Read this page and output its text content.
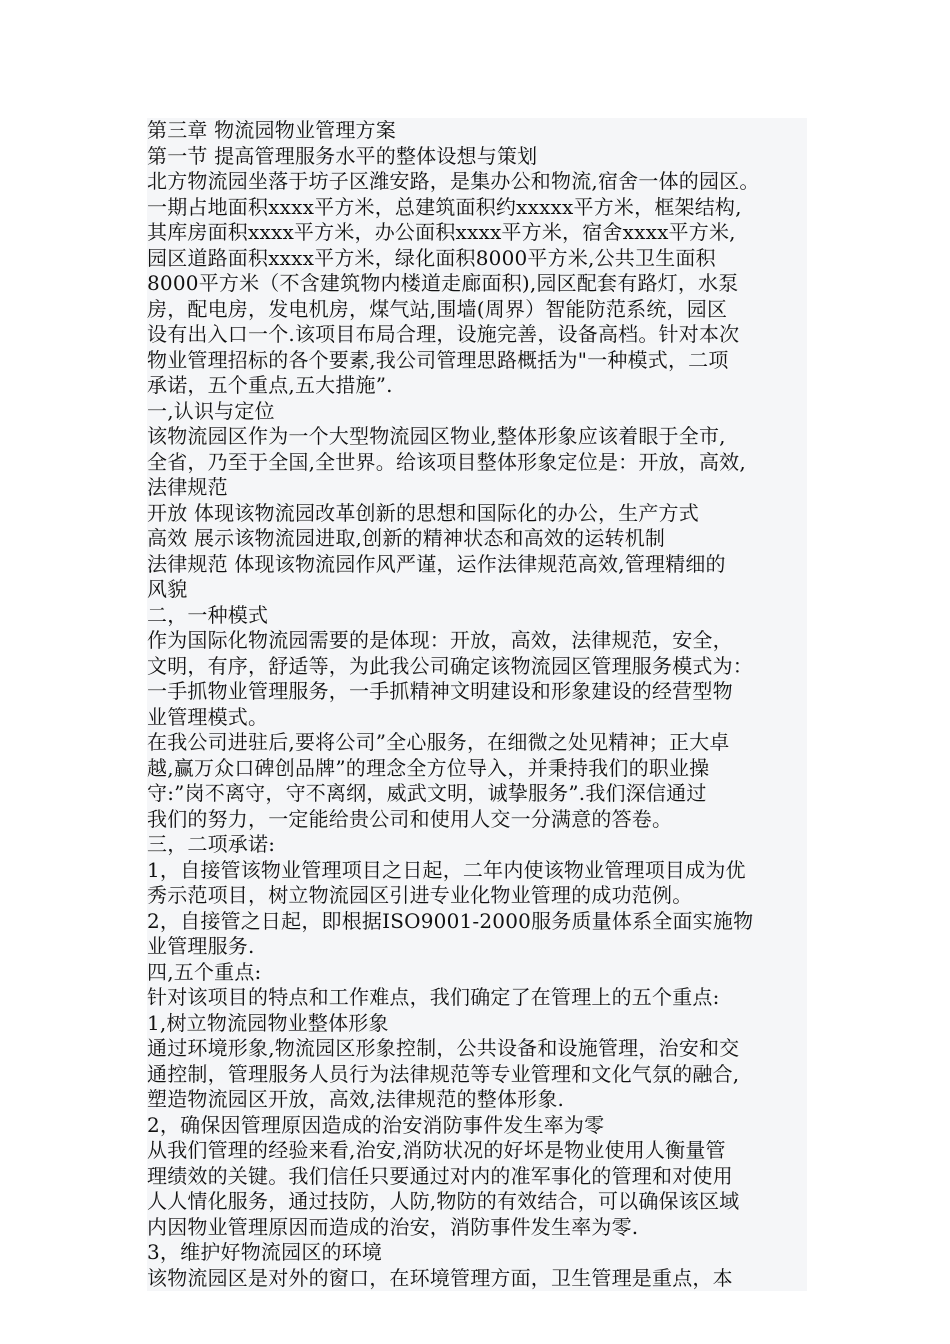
第三章 物流园物业管理方案
第一节 提高管理服务水平的整体设想与策划
北方物流园坐落于坊子区潍安路，是集办公和物流,宿舍一体的园区。
一期占地面积xxxx平方米，总建筑面积约xxxxx平方米，框架结构,
其库房面积xxxx平方米，办公面积xxxx平方米，宿舍xxxx平方米,
园区道路面积xxxx平方米，绿化面积8000平方米,公共卫生面积
8000平方米（不含建筑物内楼道走廊面积),园区配套有路灯，水泵
房，配电房，发电机房，煤气站,围墙(周界）智能防范系统，园区
设有出入口一个.该项目布局合理，设施完善，设备高档。针对本次
物业管理招标的各个要素,我公司管理思路概括为"一种模式，二项
承诺，五个重点,五大措施”.
一,认识与定位
该物流园区作为一个大型物流园区物业,整体形象应该着眼于全市,
全省，乃至于全国,全世界。给该项目整体形象定位是：开放，高效,
法律规范
开放 体现该物流园改革创新的思想和国际化的办公，生产方式
高效 展示该物流园进取,创新的精神状态和高效的运转机制
法律规范 体现该物流园作风严谨，运作法律规范高效,管理精细的
风貌
二，一种模式
作为国际化物流园需要的是体现：开放，高效，法律规范，安全，
文明，有序，舒适等，为此我公司确定该物流园区管理服务模式为：
一手抓物业管理服务，一手抓精神文明建设和形象建设的经营型物
业管理模式。
在我公司进驻后,要将公司”全心服务，在细微之处见精神；正大卓
越,赢万众口碑创品牌”的理念全方位导入，并秉持我们的职业操
守:”岗不离守，守不离纲，威武文明，诚挚服务”.我们深信通过
我们的努力，一定能给贵公司和使用人交一分满意的答卷。
三，二项承诺:
1，自接管该物业管理项目之日起，二年内使该物业管理项目成为优
秀示范项目，树立物流园区引进专业化物业管理的成功范例。
2，自接管之日起，即根据ISO9001-2000服务质量体系全面实施物
业管理服务.
四,五个重点:
针对该项目的特点和工作难点，我们确定了在管理上的五个重点:
1,树立物流园物业整体形象
通过环境形象,物流园区形象控制，公共设备和设施管理，治安和交
通控制，管理服务人员行为法律规范等专业管理和文化气氛的融合,
塑造物流园区开放，高效,法律规范的整体形象.
2，确保因管理原因造成的治安消防事件发生率为零
从我们管理的经验来看,治安,消防状况的好坏是物业使用人衡量管
理绩效的关键。我们信任只要通过对内的准军事化的管理和对使用
人人情化服务，通过技防，人防,物防的有效结合，可以确保该区域
内因物业管理原因而造成的治安，消防事件发生率为零.
3，维护好物流园区的环境
该物流园区是对外的窗口，在环境管理方面，卫生管理是重点，本
